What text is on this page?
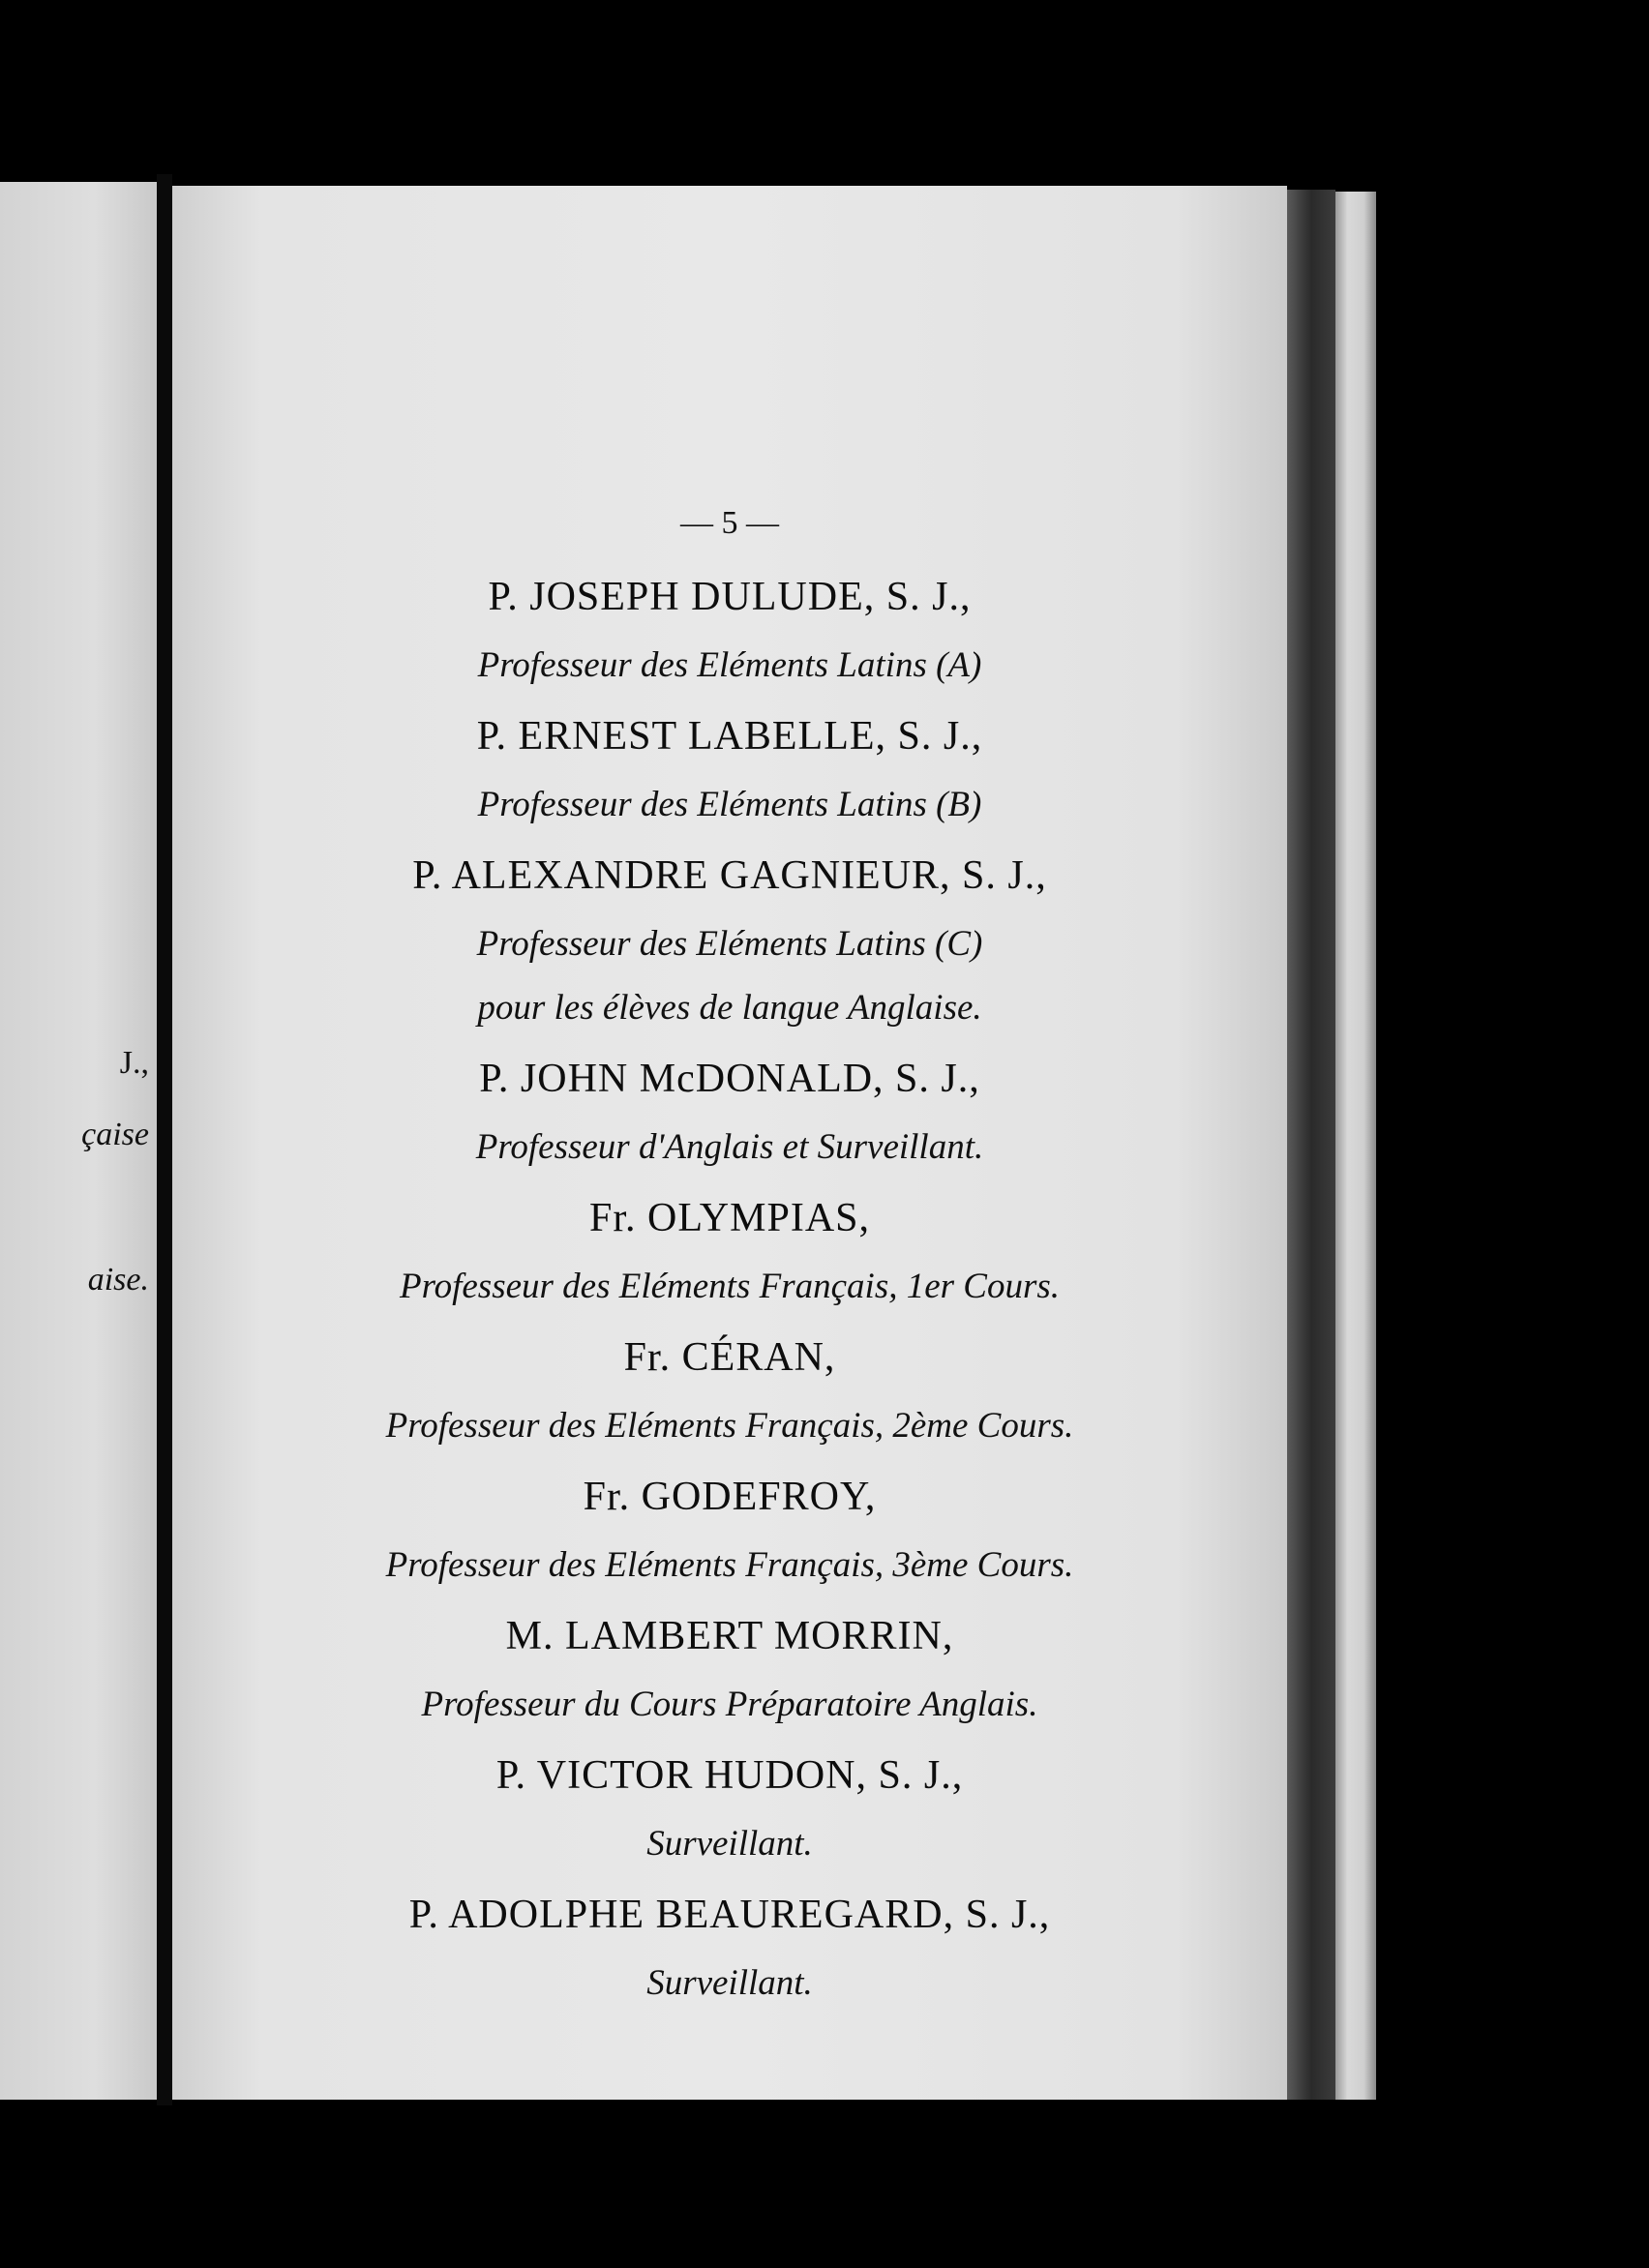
J.,
çaise
aise.

— 5 —

P. JOSEPH DULUDE, S. J.,
Professeur des Eléments Latins (A)
P. ERNEST LABELLE, S. J.,
Professeur des Eléments Latins (B)
P. ALEXANDRE GAGNIEUR, S. J.,
Professeur des Eléments Latins (C)
pour les élèves de langue Anglaise.
P. JOHN McDONALD, S. J.,
Professeur d'Anglais et Surveillant.
Fr. OLYMPIAS,
Professeur des Eléments Français, 1er Cours.
Fr. CÉRAN,
Professeur des Eléments Français, 2ème Cours.
Fr. GODEFROY,
Professeur des Eléments Français, 3ème Cours.
M. LAMBERT MORRIN,
Professeur du Cours Préparatoire Anglais.
P. VICTOR HUDON, S. J.,
Surveillant.
P. ADOLPHE BEAUREGARD, S. J.,
Surveillant.
